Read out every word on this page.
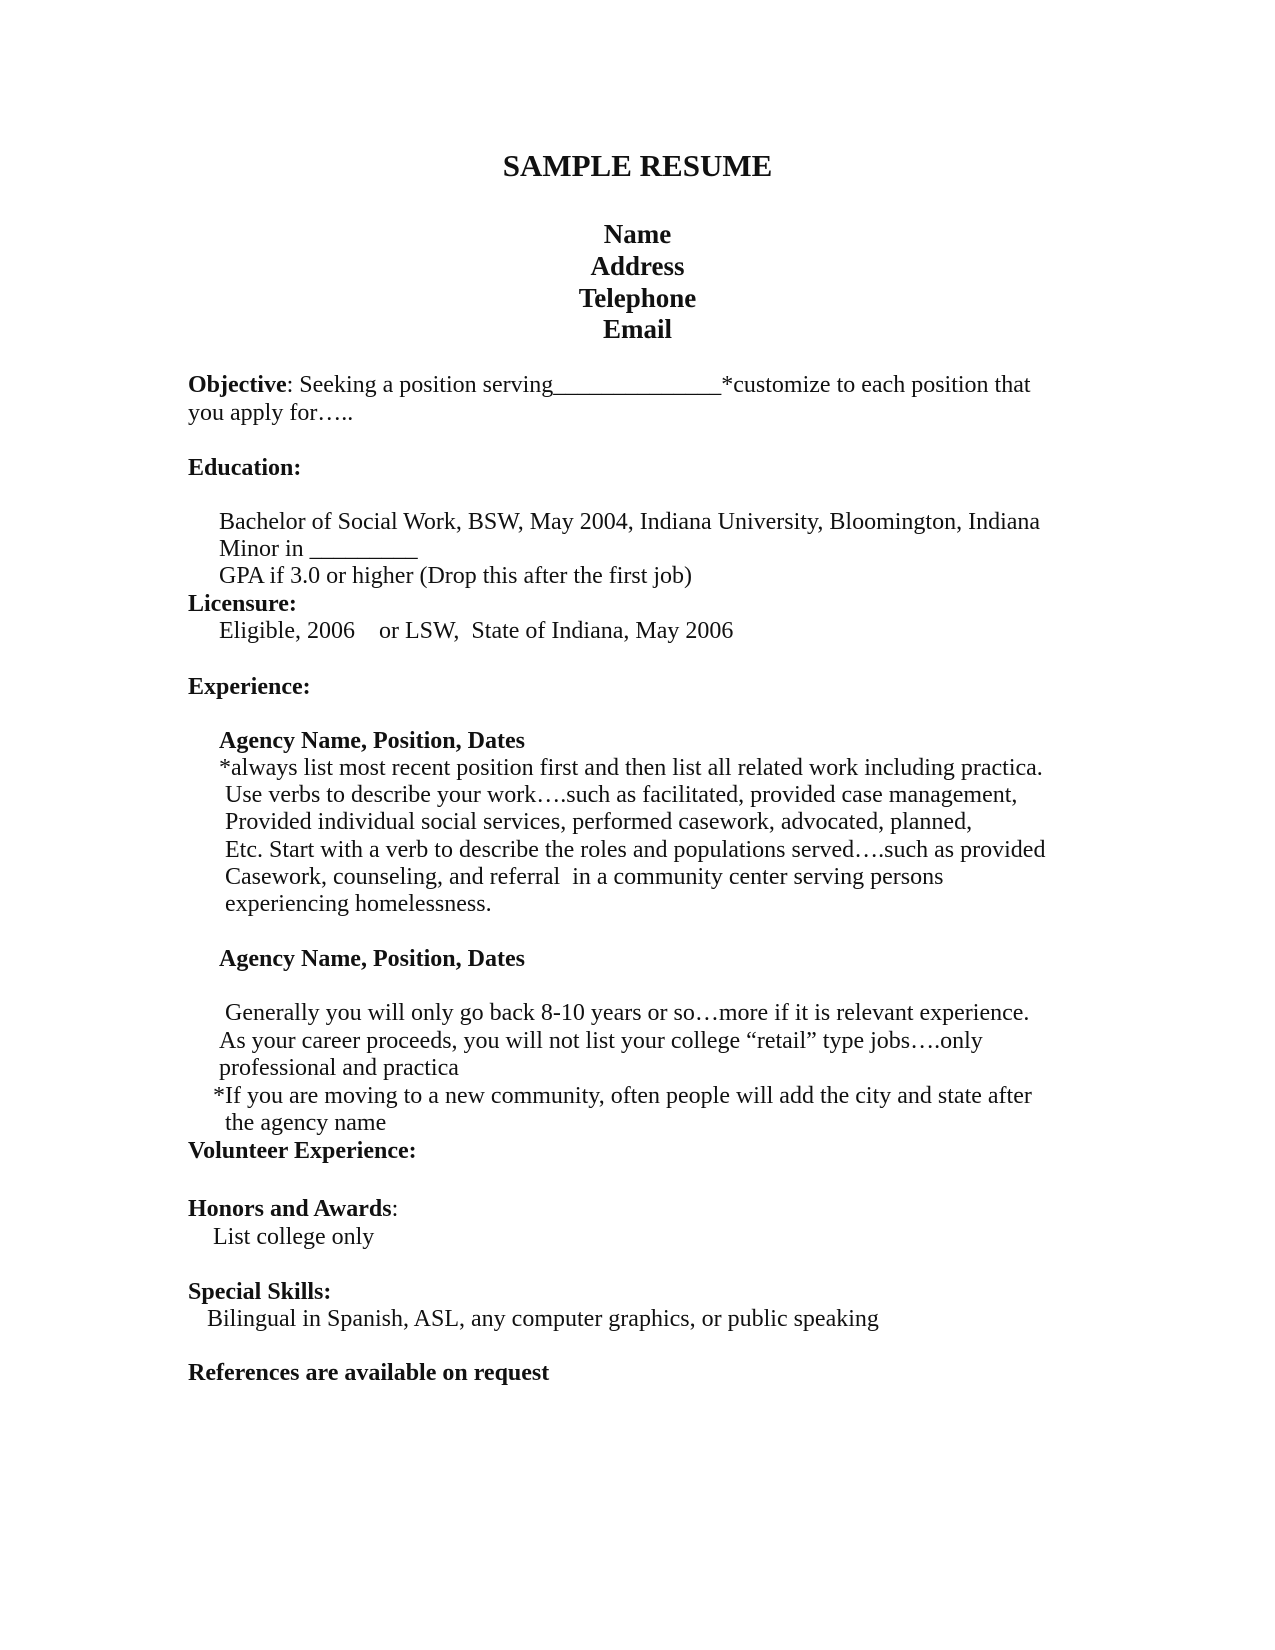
SAMPLE RESUME
Name
Address
Telephone
Email
Objective: Seeking a position serving______________*customize to each position that
you apply for…..
Education:
Bachelor of Social Work, BSW, May 2004, Indiana University, Bloomington, Indiana
Minor in _________
GPA if 3.0 or higher (Drop this after the first job)
Licensure:
Eligible, 2006    or LSW,  State of Indiana, May 2006
Experience:
Agency Name, Position, Dates
*always list most recent position first and then list all related work including practica.
Use verbs to describe your work….such as facilitated, provided case management,
Provided individual social services, performed casework, advocated, planned,
Etc. Start with a verb to describe the roles and populations served….such as provided
Casework, counseling, and referral  in a community center serving persons
experiencing homelessness.
Agency Name, Position, Dates
Generally you will only go back 8-10 years or so…more if it is relevant experience.
As your career proceeds, you will not list your college “retail” type jobs….only
professional and practica
*If you are moving to a new community, often people will add the city and state after
the agency name
Volunteer Experience:
Honors and Awards:
List college only
Special Skills:
Bilingual in Spanish, ASL, any computer graphics, or public speaking
References are available on request
